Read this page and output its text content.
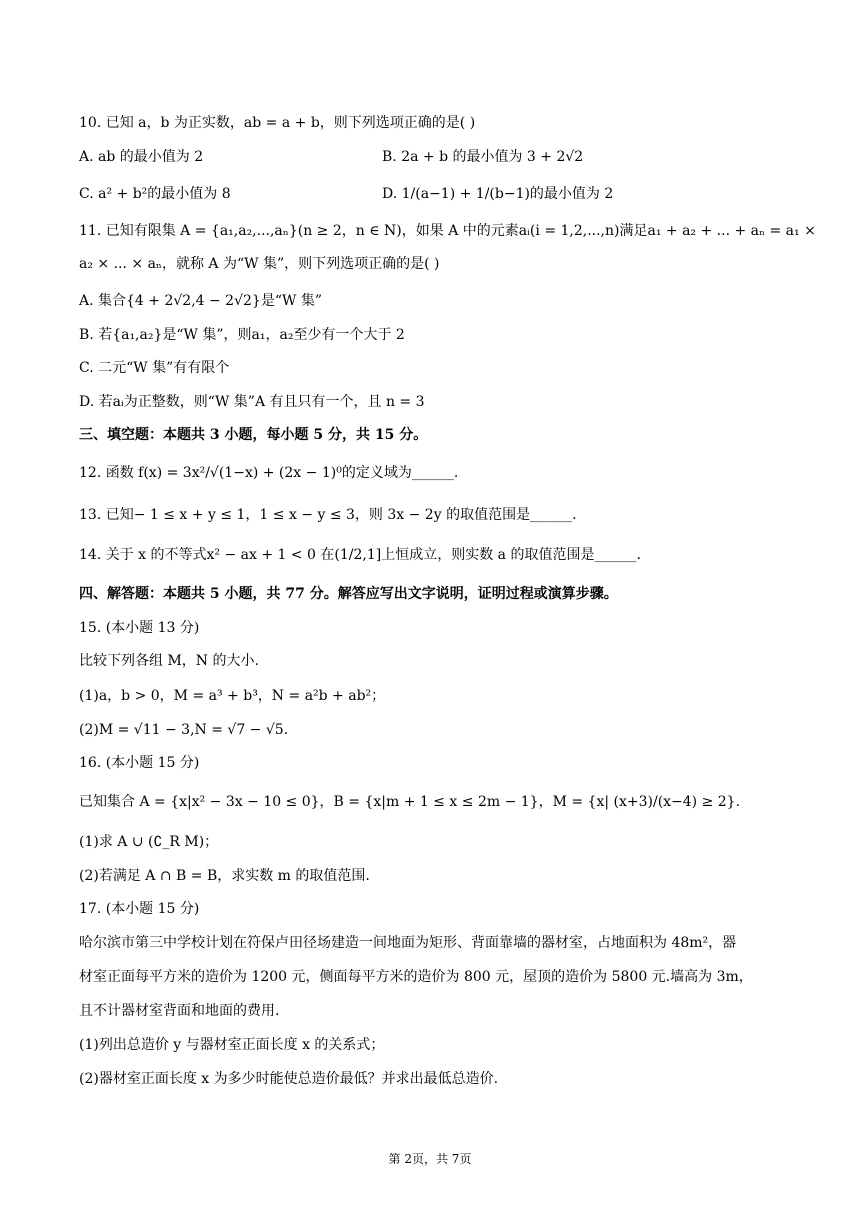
10. 已知 a，b 为正实数，ab = a + b，则下列选项正确的是( )
A. ab 的最小值为 2	B. 2a + b 的最小值为 3 + 2√2
C. a² + b²的最小值为 8	D. 1/(a−1) + 1/(b−1)的最小值为 2
11. 已知有限集 A = {a₁,a₂,...,aₙ}(n ≥ 2，n ∈ N)，如果 A 中的元素aᵢ(i = 1,2,...,n)满足a₁ + a₂ + ... + aₙ = a₁ ×
a₂ × ... × aₙ，就称 A 为“W 集”，则下列选项正确的是( )
A. 集合{4 + 2√2,4 − 2√2}是“W 集”
B. 若{a₁,a₂}是“W 集”，则a₁，a₂至少有一个大于 2
C. 二元“W 集”有有限个
D. 若aᵢ为正整数，则“W 集”A 有且只有一个，且 n = 3
三、填空题：本题共 3 小题，每小题 5 分，共 15 分。
12. 函数 f(x) = 3x²/√(1−x) + (2x − 1)⁰的定义域为______.
13. 已知− 1 ≤ x + y ≤ 1，1 ≤ x − y ≤ 3，则 3x − 2y 的取值范围是______.
14. 关于 x 的不等式x² − ax + 1 < 0 在(1/2,1]上恒成立，则实数 a 的取值范围是______.
四、解答题：本题共 5 小题，共 77 分。解答应写出文字说明，证明过程或演算步骤。
15. (本小题 13 分)
比较下列各组 M，N 的大小.
(1)a，b > 0，M = a³ + b³，N = a²b + ab²；
(2)M = √11 − 3,N = √7 − √5.
16. (本小题 15 分)
已知集合 A = {x|x² − 3x − 10 ≤ 0}，B = {x|m + 1 ≤ x ≤ 2m − 1}，M = {x| (x+3)/(x−4) ≥ 2}.
(1)求 A ∪ (∁_R M)；
(2)若满足 A ∩ B = B，求实数 m 的取值范围.
17. (本小题 15 分)
哈尔滨市第三中学校计划在符保卢田径场建造一间地面为矩形、背面靠墙的器材室，占地面积为 48m²，器
材室正面每平方米的造价为 1200 元，侧面每平方米的造价为 800 元，屋顶的造价为 5800 元.墙高为 3m，
且不计器材室背面和地面的费用.
(1)列出总造价 y 与器材室正面长度 x 的关系式；
(2)器材室正面长度 x 为多少时能使总造价最低？并求出最低总造价.
第 2页，共 7页
